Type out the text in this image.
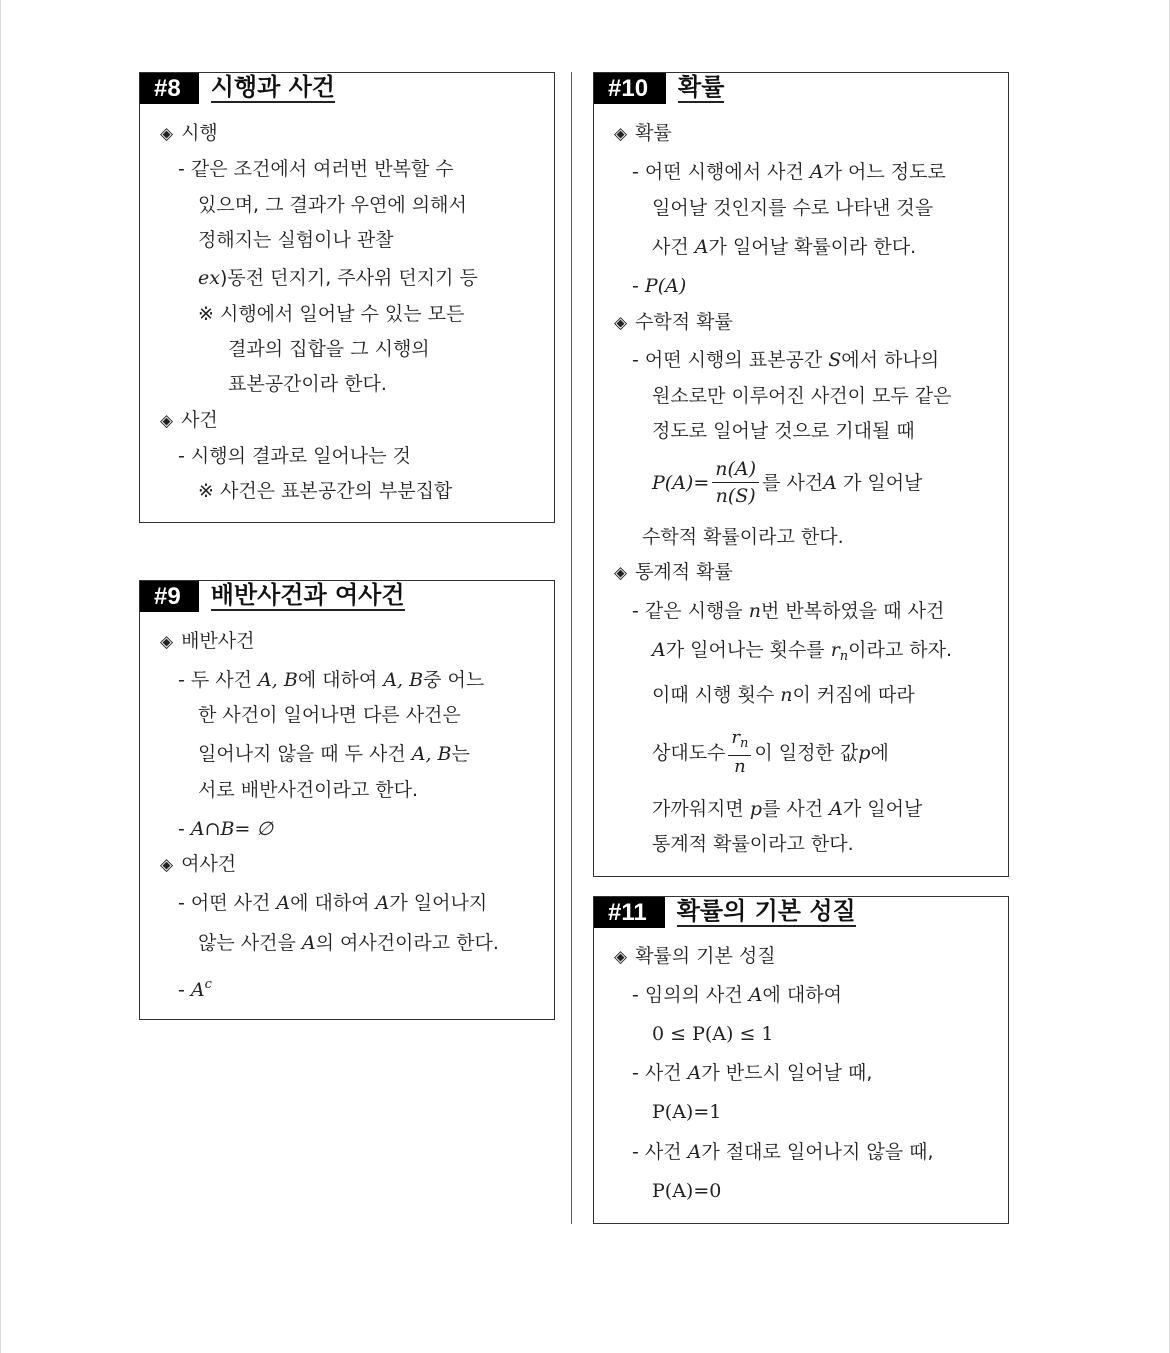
#8	시행과 사건
◈ 시행
- 같은 조건에서 여러번 반복할 수
있으며, 그 결과가 우연에 의해서
정해지는 실험이나 관찰
ex)동전 던지기, 주사위 던지기 등
※ 시행에서 일어날 수 있는 모든
결과의 집합을 그 시행의
표본공간이라 한다.
◈ 사건
- 시행의 결과로 일어나는 것
※ 사건은 표본공간의 부분집합
#9	배반사건과 여사건
◈ 배반사건
- 두 사건 A, B에 대하여 A, B중 어느
한 사건이 일어나면 다른 사건은
일어나지 않을 때 두 사건 A, B는
서로 배반사건이라고 한다.
- A∩B= ∅
◈ 여사건
- 어떤 사건 A에 대하여 A가 일어나지
않는 사건을 A의 여사건이라고 한다.
- $A^c$
#10	확률
◈ 확률
- 어떤 시행에서 사건 A가 어느 정도로
일어날 것인지를 수로 나타낸 것을
사건 A가 일어날 확률이라 한다.
- P(A)
◈ 수학적 확률
- 어떤 시행의 표본공간 S에서 하나의
원소로만 이루어진 사건이 모두 같은
정도로 일어날 것으로 기대될 때
$P(A)= \frac{n(A)}{n(S)}$ 를 사건 A
가 일어날
수학적 확률이라고 한다.
◈ 통계적 확률
- 같은 시행을 n번 반복하였을 때 사건
A가 일어나는 횟수를 $r_n$이라고 하자.
이때 시행 횟수 n이 커짐에 따라
상대도수 $\frac{r_n}{n}$ 이 일정한 값 p 에
가까워지면 p를 사건 A가 일어날
통계적 확률이라고 한다.
#11	확률의 기본 성질
◈ 확률의 기본 성질
- 임의의 사건 A에 대하여
0 ≤ P(A) ≤ 1
- 사건 A가 반드시 일어날 때,
P(A)=1
- 사건 A가 절대로 일어나지 않을 때,
P(A)=0
